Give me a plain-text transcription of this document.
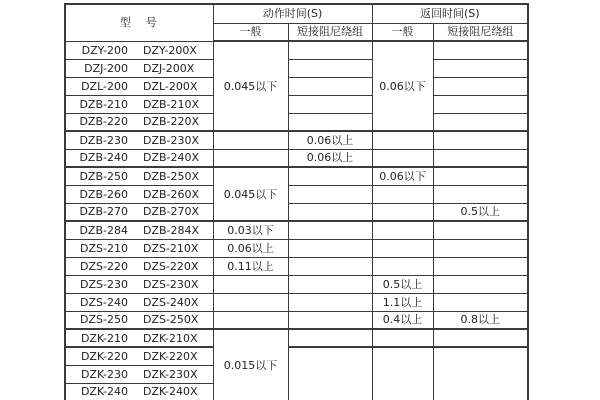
型　号	动作时间(S)		返回时间(S)	
	一般	短接阻尼绕组	一般	短接阻尼绕组

DZY-200 DZY-200X	0.045以下		0.06以下	

DZJ-200 DZJ-200X				

DZL-200 DZL-200X				

DZB-210 DZB-210X				

DZB-220 DZB-220X				

DZB-230 DZB-230X		0.06以上		

DZB-240 DZB-240X		0.06以上		

DZB-250 DZB-250X	0.045以下		0.06以下	

DZB-260 DZB-260X				

DZB-270 DZB-270X				0.5以上

DZB-284 DZB-284X	0.03以下			

DZS-210 DZS-210X	0.06以上			

DZS-220 DZS-220X	0.11以上			

DZS-230 DZS-230X			0.5以上	

DZS-240 DZS-240X			1.1以上	

DZS-250 DZS-250X			0.4以上	0.8以上

DZK-210 DZK-210X	0.015以下			

DZK-220 DZK-220X				

DZK-230 DZK-230X				

DZK-240 DZK-240X				
